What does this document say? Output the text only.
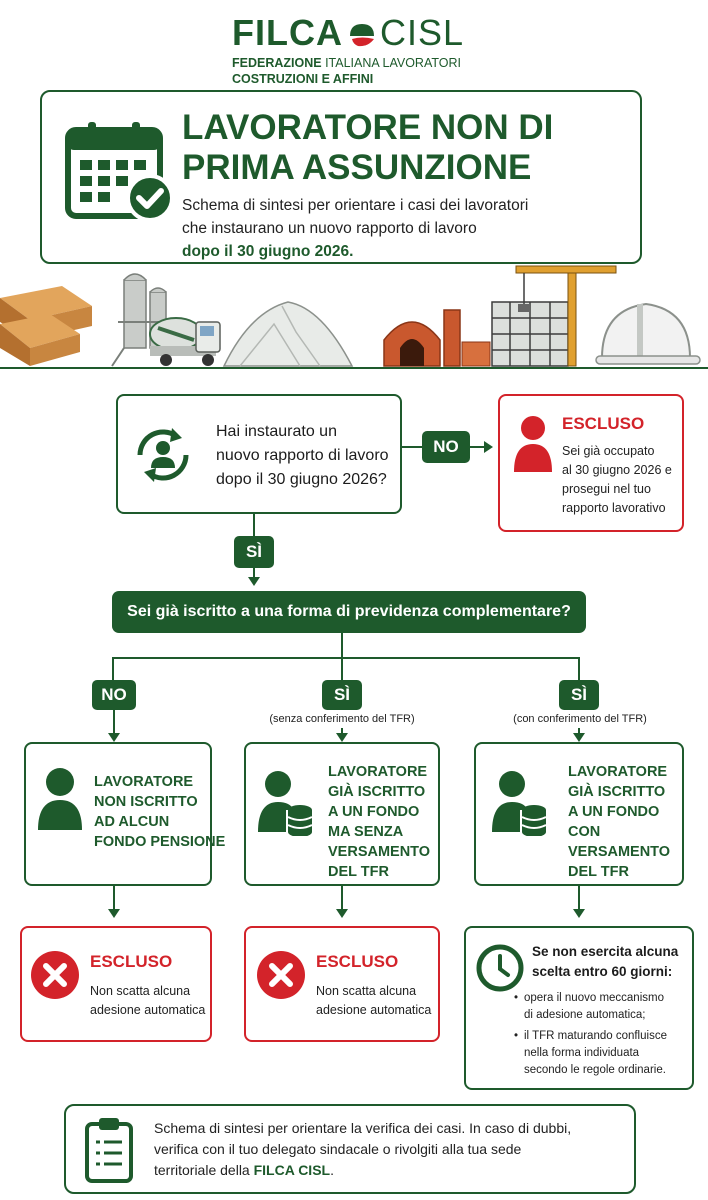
FILCA CISL
FEDERAZIONE ITALIANA LAVORATORI
COSTRUZIONI E AFFINI
LAVORATORE NON DI
PRIMA ASSUNZIONE
Schema di sintesi per orientare i casi dei lavoratori
che instaurano un nuovo rapporto di lavoro
dopo il 30 giugno 2026.
Hai instaurato un
nuovo rapporto di lavoro
dopo il 30 giugno 2026?
NO
ESCLUSO
Sei già occupato
al 30 giugno 2026 e
prosegui nel tuo
rapporto lavorativo
SÌ
Sei già iscritto a una forma di previdenza complementare?
NO	SÌ	SÌ
(senza conferimento del TFR)	(con conferimento del TFR)
LAVORATORE
NON ISCRITTO
AD ALCUN
FONDO PENSIONE
LAVORATORE
GIÀ ISCRITTO
A UN FONDO
MA SENZA
VERSAMENTO
DEL TFR
LAVORATORE
GIÀ ISCRITTO
A UN FONDO
CON
VERSAMENTO
DEL TFR
ESCLUSO
Non scatta alcuna
adesione automatica
ESCLUSO
Non scatta alcuna
adesione automatica
Se non esercita alcuna
scelta entro 60 giorni:
• opera il nuovo meccanismo
di adesione automatica;
• il TFR maturando confluisce
nella forma individuata
secondo le regole ordinarie.
Schema di sintesi per orientare la verifica dei casi. In caso di dubbi,
verifica con il tuo delegato sindacale o rivolgiti alla tua sede
territoriale della FILCA CISL.
